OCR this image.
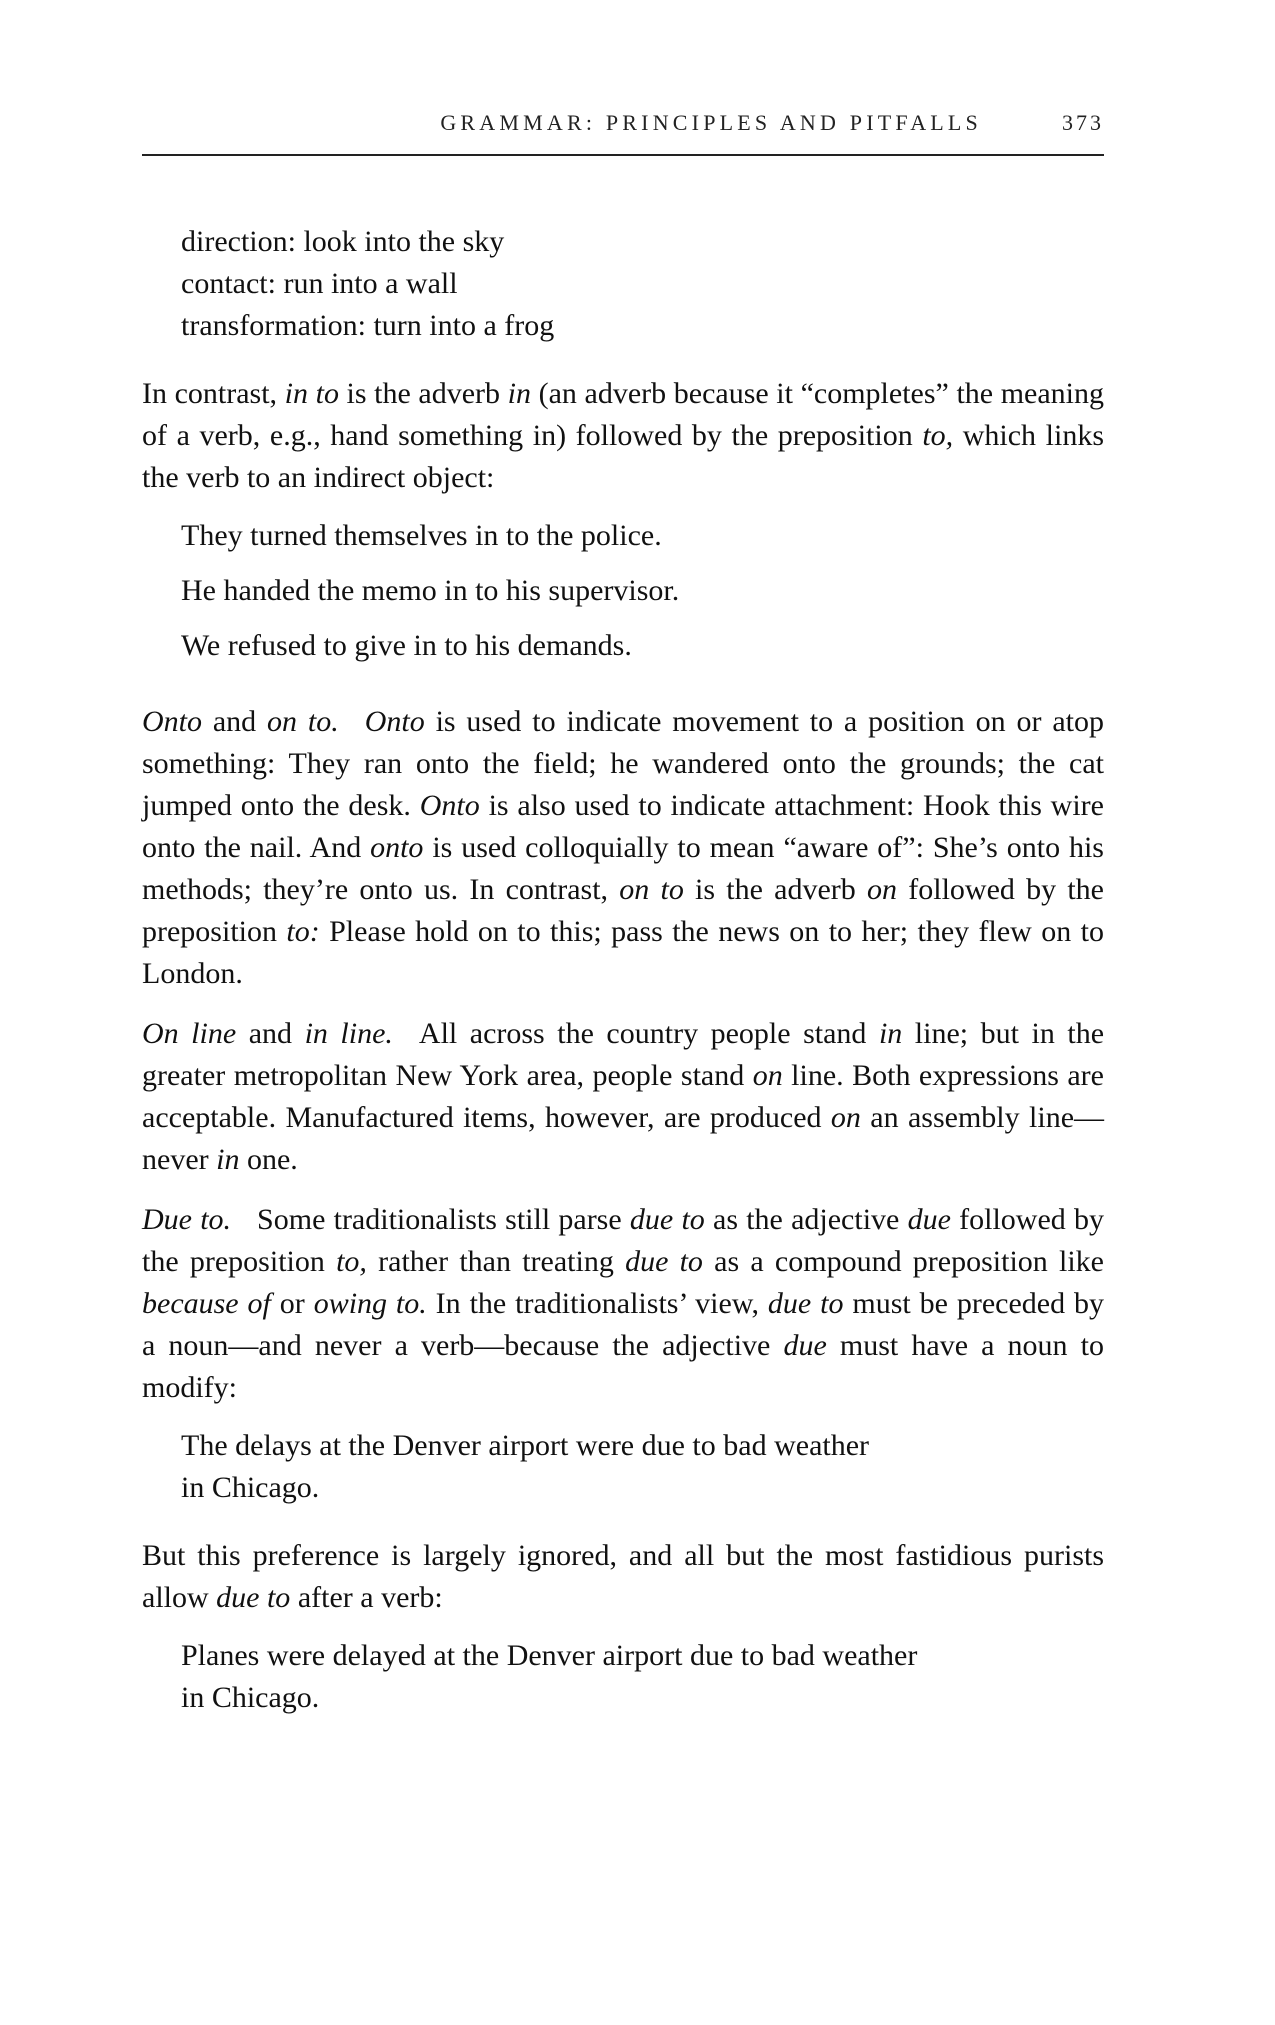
GRAMMAR: PRINCIPLES AND PITFALLS	373

direction: look into the sky

contact: run into a wall

transformation: turn into a frog

In contrast, in to is the adverb in (an adverb because it “completes” the meaning of a verb, e.g., hand something in) followed by the preposition to, which links the verb to an indirect object:

They turned themselves in to the police.

He handed the memo in to his supervisor.

We refused to give in to his demands.

Onto and on to. Onto is used to indicate movement to a position on or atop something: They ran onto the field; he wandered onto the grounds; the cat jumped onto the desk. Onto is also used to indicate attachment: Hook this wire onto the nail. And onto is used colloquially to mean “aware of”: She’s onto his methods; they’re onto us. In contrast, on to is the adverb on followed by the preposition to: Please hold on to this; pass the news on to her; they flew on to London.

On line and in line. All across the country people stand in line; but in the greater metropolitan New York area, people stand on line. Both expressions are acceptable. Manufactured items, however, are produced on an assembly line—never in one.

Due to. Some traditionalists still parse due to as the adjective due followed by the preposition to, rather than treating due to as a compound preposition like because of or owing to. In the traditionalists’ view, due to must be preceded by a noun—and never a verb—because the adjective due must have a noun to modify:

The delays at the Denver airport were due to bad weather

in Chicago.

But this preference is largely ignored, and all but the most fastidious purists allow due to after a verb:

Planes were delayed at the Denver airport due to bad weather

in Chicago.
